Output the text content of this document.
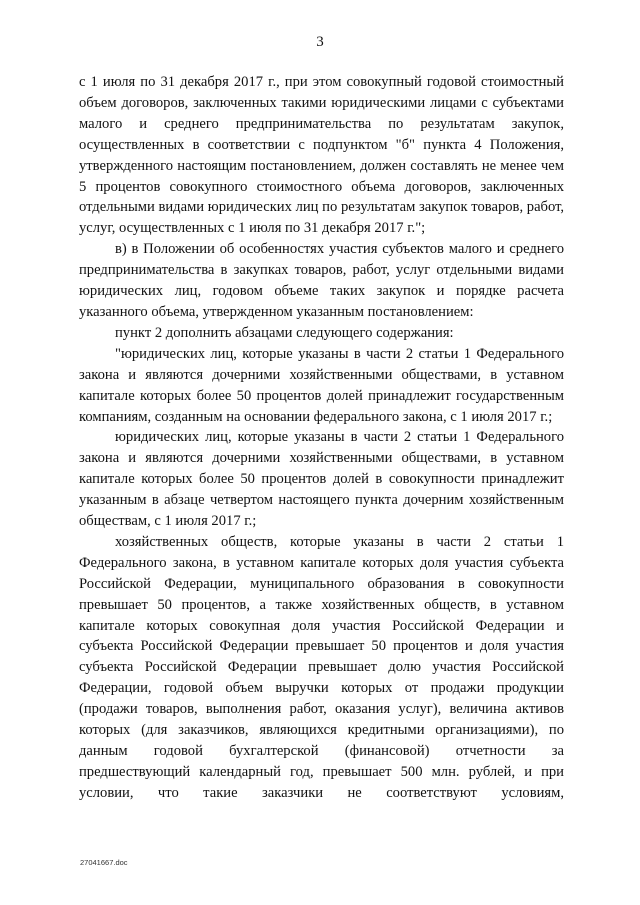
3

с 1 июля по 31 декабря 2017 г., при этом совокупный годовой стоимостный объем договоров, заключенных такими юридическими лицами с субъектами малого и среднего предпринимательства по результатам закупок, осуществленных в соответствии с подпунктом "б" пункта 4 Положения, утвержденного настоящим постановлением, должен составлять не менее чем 5 процентов совокупного стоимостного объема договоров, заключенных отдельными видами юридических лиц по результатам закупок товаров, работ, услуг, осуществленных с 1 июля по 31 декабря 2017 г.";

в) в Положении об особенностях участия субъектов малого и среднего предпринимательства в закупках товаров, работ, услуг отдельными видами юридических лиц, годовом объеме таких закупок и порядке расчета указанного объема, утвержденном указанным постановлением:

пункт 2 дополнить абзацами следующего содержания:

"юридических лиц, которые указаны в части 2 статьи 1 Федерального закона и являются дочерними хозяйственными обществами, в уставном капитале которых более 50 процентов долей принадлежит государственным компаниям, созданным на основании федерального закона, с 1 июля 2017 г.;

юридических лиц, которые указаны в части 2 статьи 1 Федерального закона и являются дочерними хозяйственными обществами, в уставном капитале которых более 50 процентов долей в совокупности принадлежит указанным в абзаце четвертом настоящего пункта дочерним хозяйственным обществам, с 1 июля 2017 г.;

хозяйственных обществ, которые указаны в части 2 статьи 1 Федерального закона, в уставном капитале которых доля участия субъекта Российской Федерации, муниципального образования в совокупности превышает 50 процентов, а также хозяйственных обществ, в уставном капитале которых совокупная доля участия Российской Федерации и субъекта Российской Федерации превышает 50 процентов и доля участия субъекта Российской Федерации превышает долю участия Российской Федерации, годовой объем выручки которых от продажи продукции (продажи товаров, выполнения работ, оказания услуг), величина активов которых (для заказчиков, являющихся кредитными организациями), по данным годовой бухгалтерской (финансовой) отчетности за предшествующий календарный год, превышает 500 млн. рублей, и при условии, что такие заказчики не соответствуют условиям,

27041667.doc
